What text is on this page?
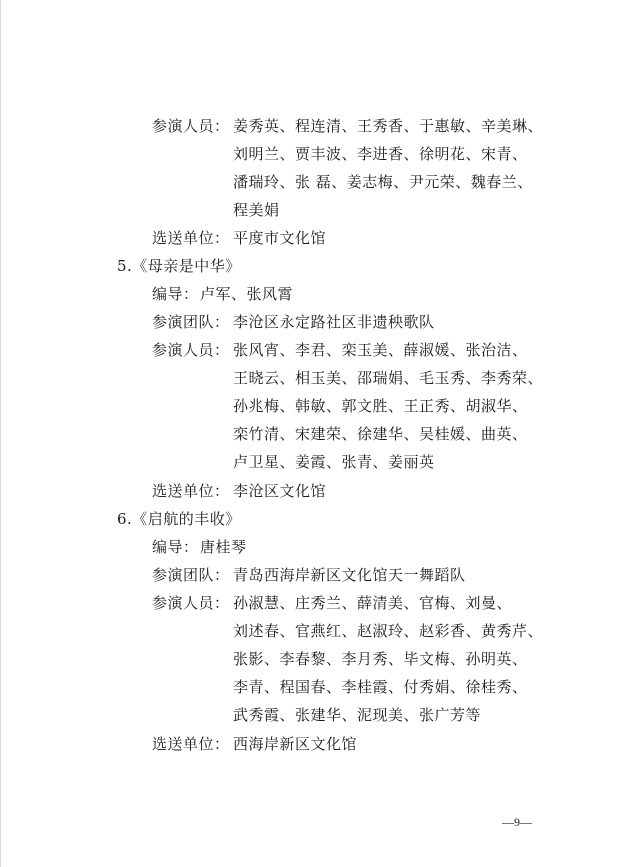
参演人员： 姜秀英、程连清、王秀香、于惠敏、辛美琳、
刘明兰、贾丰波、李进香、徐明花、宋青、
潘瑞玲、张 磊、姜志梅、尹元荣、魏春兰、
程美娟
选送单位： 平度市文化馆
5.《母亲是中华》
编导： 卢军、张风霄
参演团队： 李沧区永定路社区非遗秧歌队
参演人员： 张风宵、李君、栾玉美、薛淑媛、张治洁、
王晓云、相玉美、邵瑞娟、毛玉秀、李秀荣、
孙兆梅、韩敏、郭文胜、王正秀、胡淑华、
栾竹清、宋建荣、徐建华、吴桂媛、曲英、
卢卫星、姜霞、张青、姜丽英
选送单位： 李沧区文化馆
6.《启航的丰收》
编导： 唐桂琴
参演团队： 青岛西海岸新区文化馆天一舞蹈队
参演人员： 孙淑慧、庄秀兰、薛清美、官梅、刘曼、
刘述春、官燕红、赵淑玲、赵彩香、黄秀芹、
张影、李春黎、李月秀、毕文梅、孙明英、
李青、程国春、李桂霞、付秀娟、徐桂秀、
武秀霞、张建华、泥现美、张广芳等
选送单位： 西海岸新区文化馆
—9—
